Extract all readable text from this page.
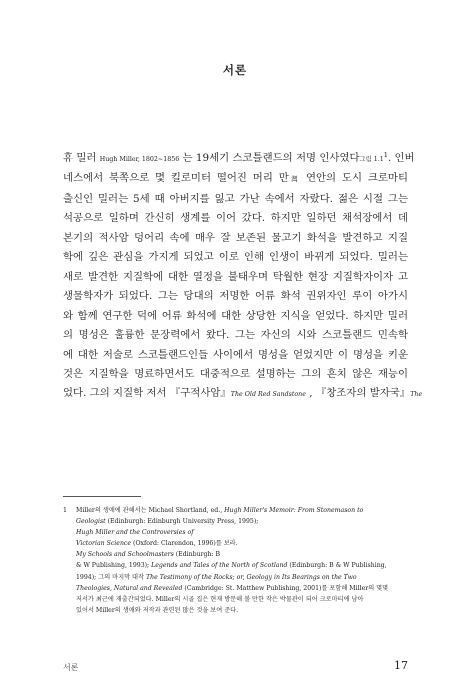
서론
휴 밀러 Hugh Miller, 1802~1856 는 19세기 스코틀랜드의 저명 인사였다그림 $1.1^1$. 인버
네스에서 북쪽으로 몇 킬로미터 떨어진 머리 만灣 연안의 도시 크로마티
출신인 밀러는 5세 때 아버지를 잃고 가난 속에서 자랐다. 젊은 시절 그는
석공으로 일하며 간신히 생계를 이어 갔다. 하지만 일하던 채석장에서 데
본기의 적사암 덩어리 속에 매우 잘 보존된 물고기 화석을 발견하고 지질
학에 깊은 관심을 가지게 되었고 이로 인해 인생이 바뀌게 되었다. 밀러는
새로 발견한 지질학에 대한 열정을 불태우며 탁월한 현장 지질학자이자 고
생물학자가 되었다. 그는 당대의 저명한 어류 화석 권위자인 루이 아가시
와 함께 연구한 덕에 어류 화석에 대한 상당한 지식을 얻었다. 하지만 밀러
의 명성은 훌륭한 문장력에서 왔다. 그는 자신의 시와 스코틀랜드 민속학
에 대한 저술로 스코틀랜드인들 사이에서 명성을 얻었지만 이 명성을 키운
것은 지질학을 명료하면서도 대중적으로 설명하는 그의 흔치 않은 재능이
었다. 그의 지질학 저서 『구적사암』The Old Red Sandstone , 『창조자의 발자국』The
1 Miller의 생애에 관해서는 Michael Shortland, ed., Hugh Miller's Memoir: From Stonemason to
Geologist (Edinburgh: Edinburgh University Press, 1995);
Hugh Miller and the Controversies of
Victorian Science (Oxford: Clarendon, 1996)를 보라.
My Schools and Schoolmasters (Edinburgh: B
& W Publishing, 1993); Legends and Tales of the North of Scotland (Edinburgh: B & W Publishing,
1994); 그의 마지막 대작 The Testimony of the Rocks; or, Geology in Its Bearings on the Two
Theologies, Natural and Revealed (Cambridge: St. Matthew Publishing, 2001)를 포함해 Miller의 몇몇
저서가 최근에 재출간되었다. Miller의 시골 집은 현재 방문해 볼 만한 작은 박물관이 되어 크로마티에 남아
있어서 Miller의 생애와 저작과 관련된 많은 것을 보여 준다.
서론	17
